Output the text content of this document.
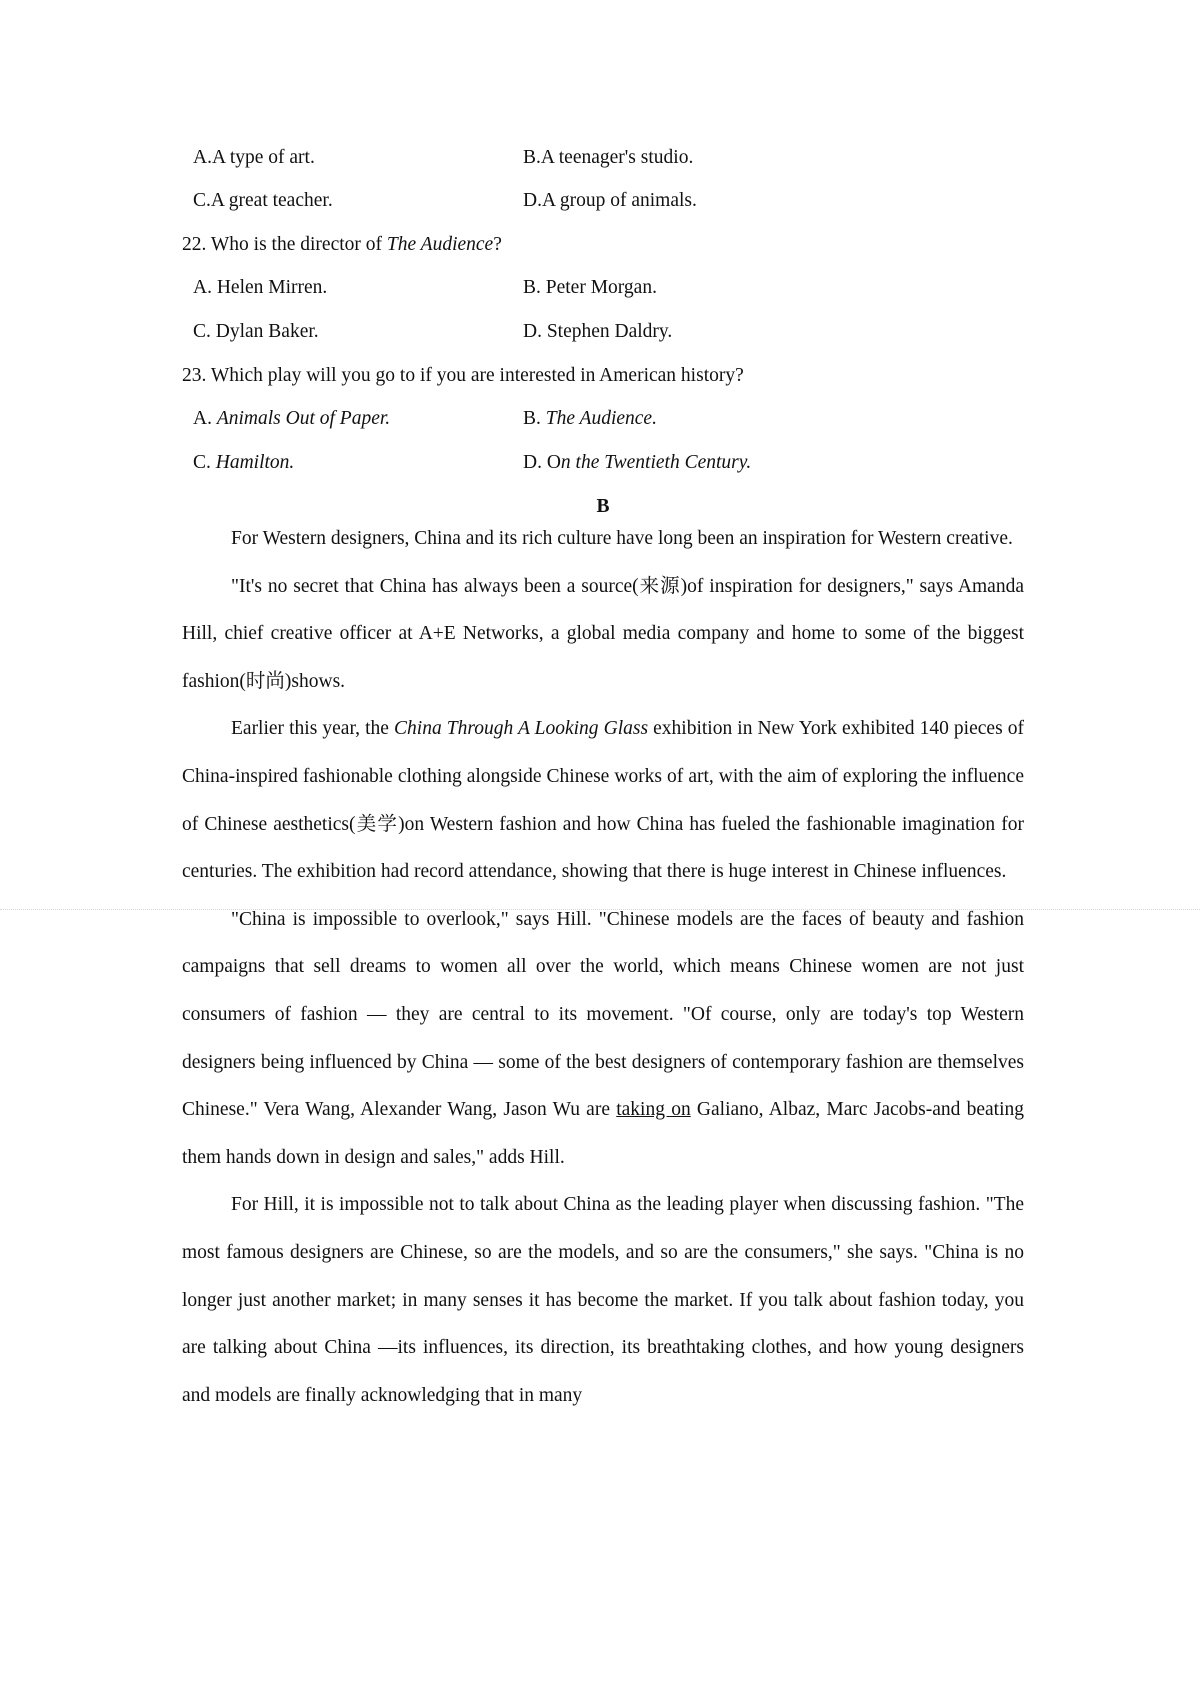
A.A type of art.	B.A teenager's studio.
C.A great teacher.	D.A group of animals.
22. Who is the director of The Audience?
A. Helen Mirren.	B. Peter Morgan.
C. Dylan Baker.	D. Stephen Daldry.
23. Which play will you go to if you are interested in American history?
A. Animals Out of Paper.	B. The Audience.
C. Hamilton.	D. On the Twentieth Century.
B

For Western designers, China and its rich culture have long been an inspiration for Western creative.

"It's no secret that China has always been a source(来源)of inspiration for designers," says Amanda Hill, chief creative officer at A+E Networks, a global media company and home to some of the biggest fashion(时尚)shows.

Earlier this year, the China Through A Looking Glass exhibition in New York exhibited 140 pieces of China-inspired fashionable clothing alongside Chinese works of art, with the aim of exploring the influence of Chinese aesthetics(美学)on Western fashion and how China has fueled the fashionable imagination for centuries. The exhibition had record attendance, showing that there is huge interest in Chinese influences.

"China is impossible to overlook," says Hill. "Chinese models are the faces of beauty and fashion campaigns that sell dreams to women all over the world, which means Chinese women are not just consumers of fashion — they are central to its movement. "Of course, only are today's top Western designers being influenced by China — some of the best designers of contemporary fashion are themselves Chinese." Vera Wang, Alexander Wang, Jason Wu are taking on Galiano, Albaz, Marc Jacobs-and beating them hands down in design and sales," adds Hill.

For Hill, it is impossible not to talk about China as the leading player when discussing fashion. "The most famous designers are Chinese, so are the models, and so are the consumers," she says. "China is no longer just another market; in many senses it has become the market. If you talk about fashion today, you are talking about China —its influences, its direction, its breathtaking clothes, and how young designers and models are finally acknowledging that in many
